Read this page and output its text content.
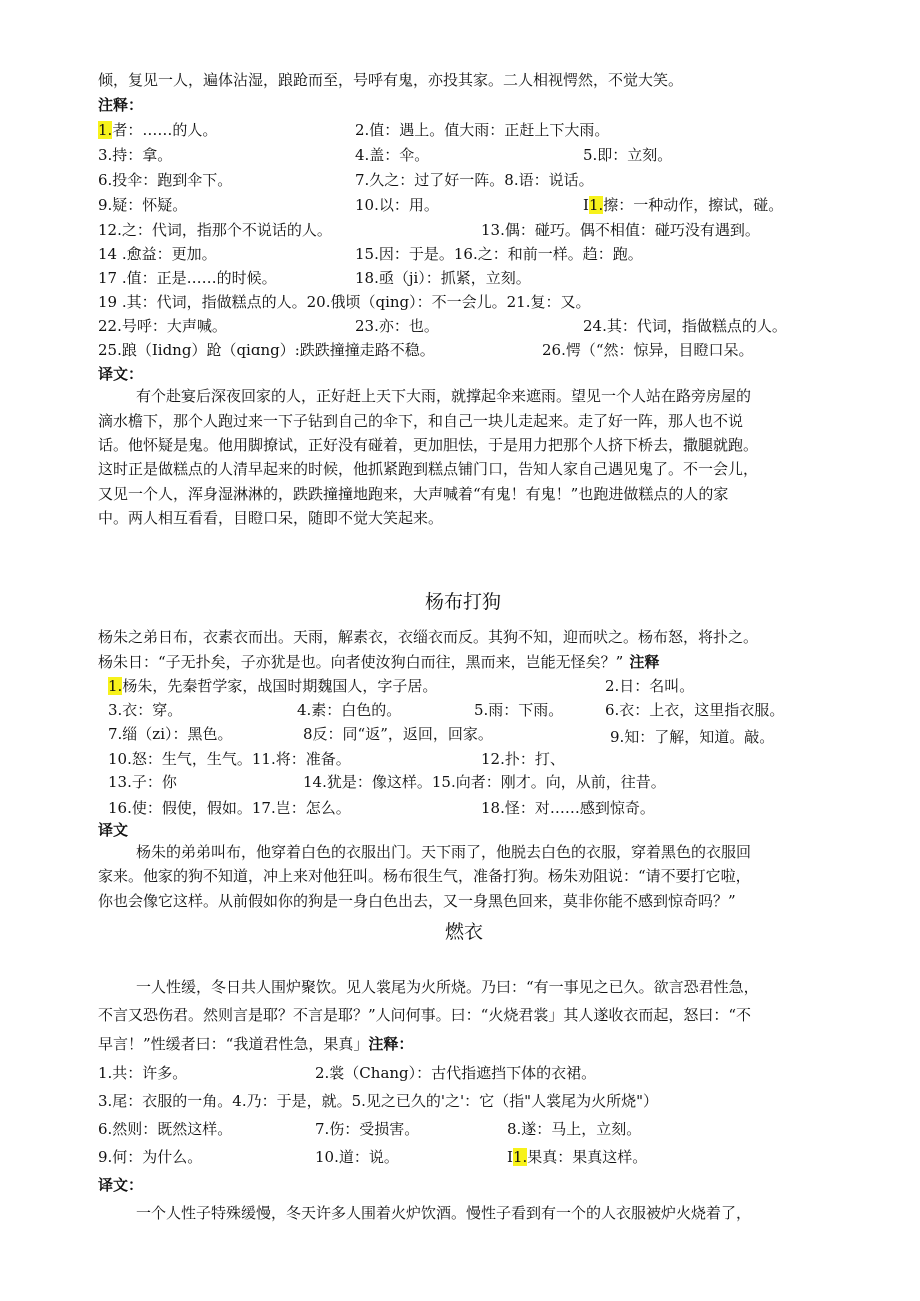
倾，复见一人，遍体沾湿，踉跄而至，号呼有鬼，亦投其家。二人相视愕然，不觉大笑。
注释：
1.者：……的人。	2.值：遇上。值大雨：正赶上下大雨。
3.持：拿。	4.盖：伞。	5.即：立刻。
6.投伞：跑到伞下。	7.久之：过了好一阵。8.语：说话。
9.疑：怀疑。	10.以：用。	I1.擦：一种动作，擦试，碰。
12.之：代词，指那个不说话的人。	13.偶：碰巧。偶不相值：碰巧没有遇到。
14 .愈益：更加。	15.因：于是。16.之：和前一样。趋：跑。
17 .值：正是……的时候。	18.亟（ji）：抓紧，立刻。
19 .其：代词，指做糕点的人。20.俄顷（qing）：不一会儿。21.复：又。
22.号呼：大声喊。	23.亦：也。	24.其：代词，指做糕点的人。
25.踉（Iidng）跄（qiɑng）:跌跌撞撞走路不稳。	26.愕（“然：惊异，目瞪口呆。
译文：
有个赴宴后深夜回家的人，正好赶上天下大雨，就撑起伞来遮雨。望见一个人站在路旁房屋的
滴水檐下，那个人跑过来一下子钻到自己的伞下，和自己一块儿走起来。走了好一阵，那人也不说
话。他怀疑是鬼。他用脚撩试，正好没有碰着，更加胆怯，于是用力把那个人挤下桥去，撒腿就跑。
这时正是做糕点的人清早起来的时候，他抓紧跑到糕点铺门口，告知人家自己遇见鬼了。不一会儿，
又见一个人，浑身湿淋淋的，跌跌撞撞地跑来，大声喊着“有鬼！有鬼！”也跑进做糕点的人的家
中。两人相互看看，目瞪口呆，随即不觉大笑起来。
杨布打狗
杨朱之弟日布，衣素衣而出。天雨，解素衣，衣缁衣而反。其狗不知，迎而吠之。杨布怒，将扑之。
杨朱日：“子无扑矣，子亦犹是也。向者使汝狗白而往，黑而来，岂能无怪矣？” 注释
1.杨朱，先秦哲学家，战国时期魏国人，字子居。	2.日：名叫。
3.衣：穿。	4.素：白色的。	5.雨：下雨。	6.衣：上衣，这里指衣服。
7.缁（zi）：黑色。	8反：同“返”，返回，回家。	9.知：了解，知道。敲。
10.怒：生气，生气。11.将：准备。	12.扑：打、
13.子：你	14.犹是：像这样。15.向者：刚才。向，从前，往昔。
16.使：假使，假如。17.岂：怎么。	18.怪：对……感到惊奇。
译文
杨朱的弟弟叫布，他穿着白色的衣服出门。天下雨了，他脱去白色的衣服，穿着黑色的衣服回
家来。他家的狗不知道，冲上来对他狂叫。杨布很生气，准备打狗。杨朱劝阻说：“请不要打它啦，
你也会像它这样。从前假如你的狗是一身白色出去，又一身黑色回来，莫非你能不感到惊奇吗？”
燃衣
一人性缓，冬日共人围炉聚饮。见人裳尾为火所烧。乃曰：“有一事见之已久。欲言恐君性急，
不言又恐伤君。然则言是耶？不言是耶？”人问何事。曰：“火烧君裳」其人遂收衣而起，怒曰：“不
早言！”性缓者曰：“我道君性急，果真」注释：
1.共：许多。	2.裳（Chang）：古代指遮挡下体的衣裙。
3.尾：衣服的一角。4.乃：于是，就。5.见之已久的'之'：它（指"人裳尾为火所烧"）
6.然则：既然这样。	7.伤：受损害。	8.遂：马上，立刻。
9.何：为什么。	10.道：说。	I1.果真：果真这样。
译文：
一个人性子特殊缓慢，冬天许多人围着火炉饮酒。慢性子看到有一个的人衣服被炉火烧着了，
